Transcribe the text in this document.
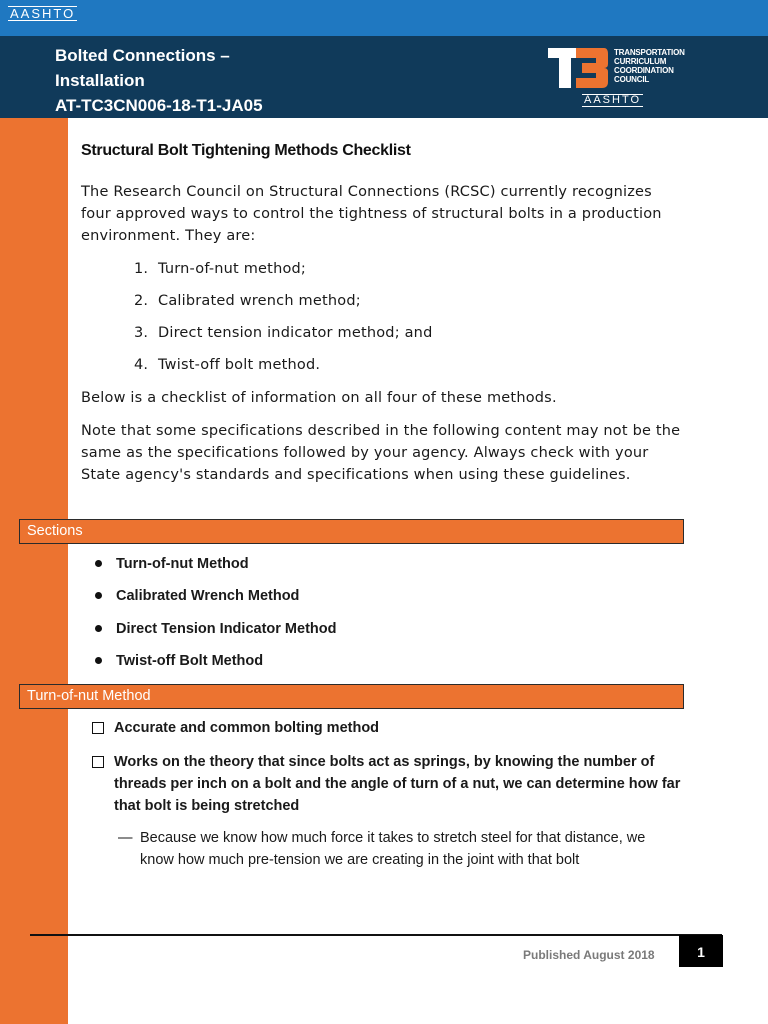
AASHTO
Bolted Connections –
Installation
AT-TC3CN006-18-T1-JA05
TRANSPORTATION
CURRICULUM
COORDINATION
COUNCIL
AASHTO
Structural Bolt Tightening Methods Checklist

The Research Council on Structural Connections (RCSC) currently recognizes four approved ways to control the tightness of structural bolts in a production environment. They are:

1. Turn-of-nut method;
2. Calibrated wrench method;
3. Direct tension indicator method; and
4. Twist-off bolt method.

Below is a checklist of information on all four of these methods.

Note that some specifications described in the following content may not be the same as the specifications followed by your agency. Always check with your State agency's standards and specifications when using these guidelines.

Sections
Turn-of-nut Method
Calibrated Wrench Method
Direct Tension Indicator Method
Twist-off Bolt Method
Turn-of-nut Method
Accurate and common bolting method
Works on the theory that since bolts act as springs, by knowing the number of threads per inch on a bolt and the angle of turn of a nut, we can determine how far that bolt is being stretched
— Because we know how much force it takes to stretch steel for that distance, we know how much pre-tension we are creating in the joint with that bolt
Published August 2018	1
